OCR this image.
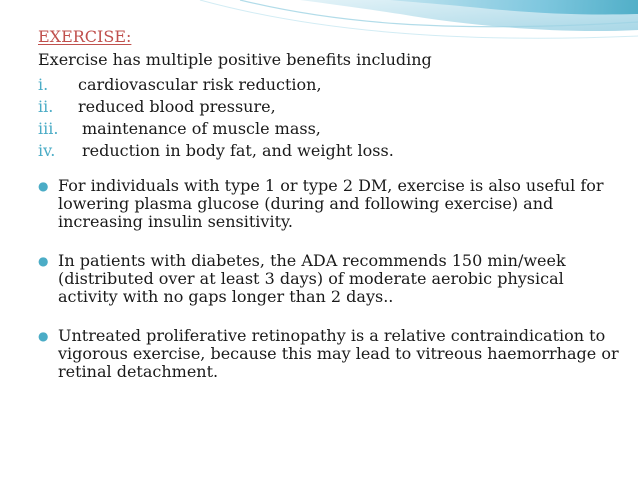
EXERCISE:
Exercise has multiple positive benefits including
i.	cardiovascular risk reduction,
ii.	reduced blood pressure,
iii.	maintenance of muscle mass,
iv.	reduction in body fat, and weight loss.
● For individuals with type 1 or type 2 DM, exercise is also useful for lowering plasma glucose (during and following exercise) and increasing insulin sensitivity.
● In patients with diabetes, the ADA recommends 150 min/week (distributed over at least 3 days) of moderate aerobic physical activity with no gaps longer than 2 days..
● Untreated proliferative retinopathy is a relative contraindication to vigorous exercise, because this may lead to vitreous haemorrhage or retinal detachment.
